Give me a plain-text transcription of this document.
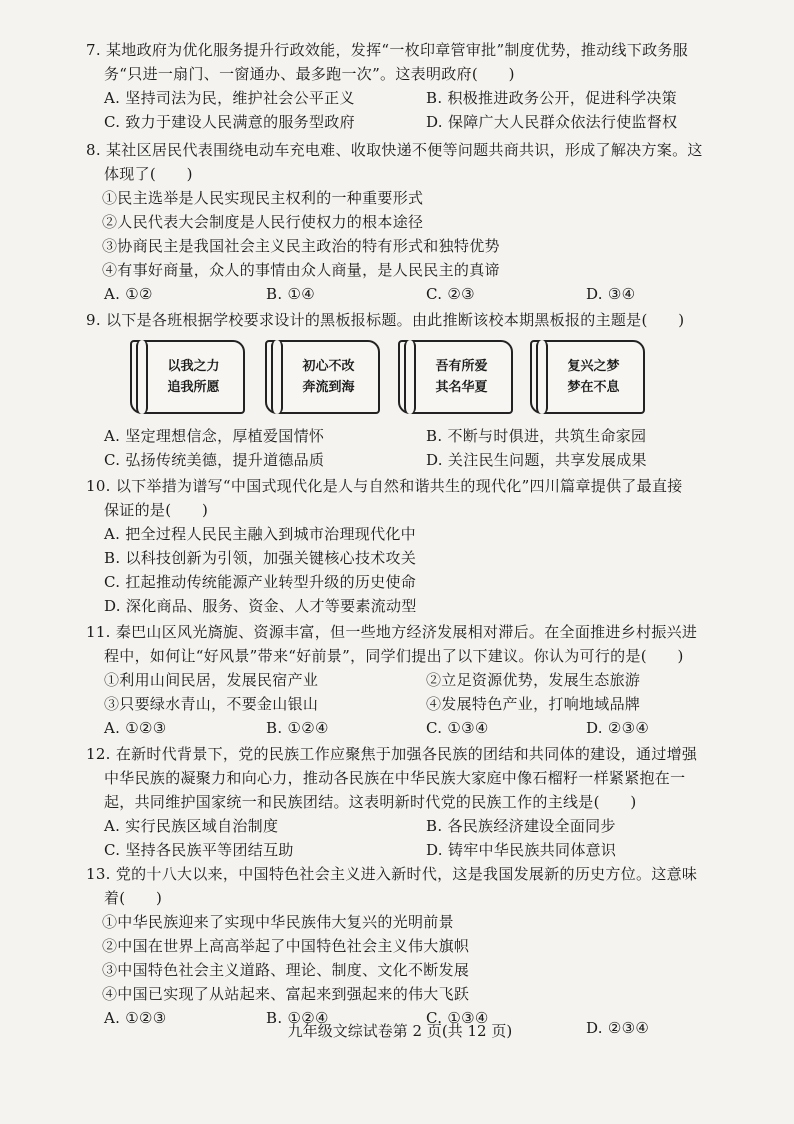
7. 某地政府为优化服务提升行政效能，发挥“一枚印章管审批”制度优势，推动线下政务服
务“只进一扇门、一窗通办、最多跑一次”。这表明政府(　　)
A. 坚持司法为民，维护社会公平正义	B. 积极推进政务公开，促进科学决策
C. 致力于建设人民满意的服务型政府	D. 保障广大人民群众依法行使监督权
8. 某社区居民代表围绕电动车充电难、收取快递不便等问题共商共识，形成了解决方案。这
体现了(　　)
①民主选举是人民实现民主权利的一种重要形式
②人民代表大会制度是人民行使权力的根本途径
③协商民主是我国社会主义民主政治的特有形式和独特优势
④有事好商量，众人的事情由众人商量，是人民民主的真谛
A. ①②	B. ①④	C. ②③	D. ③④
9. 以下是各班根据学校要求设计的黑板报标题。由此推断该校本期黑板报的主题是(　　)
以我之力
追我所愿
初心不改
奔流到海
吾有所爱
其名华夏
复兴之梦
梦在不息
A. 坚定理想信念，厚植爱国情怀	B. 不断与时俱进，共筑生命家园
C. 弘扬传统美德，提升道德品质	D. 关注民生问题，共享发展成果
10. 以下举措为谱写“中国式现代化是人与自然和谐共生的现代化”四川篇章提供了最直接
保证的是(　　)
A. 把全过程人民民主融入到城市治理现代化中
B. 以科技创新为引领，加强关键核心技术攻关
C. 扛起推动传统能源产业转型升级的历史使命
D. 深化商品、服务、资金、人才等要素流动型
11. 秦巴山区风光旖旎、资源丰富，但一些地方经济发展相对滞后。在全面推进乡村振兴进
程中，如何让“好风景”带来“好前景”，同学们提出了以下建议。你认为可行的是(　　)
①利用山间民居，发展民宿产业	②立足资源优势，发展生态旅游
③只要绿水青山，不要金山银山	④发展特色产业，打响地域品牌
A. ①②③	B. ①②④	C. ①③④	D. ②③④
12. 在新时代背景下，党的民族工作应聚焦于加强各民族的团结和共同体的建设，通过增强
中华民族的凝聚力和向心力，推动各民族在中华民族大家庭中像石榴籽一样紧紧抱在一
起，共同维护国家统一和民族团结。这表明新时代党的民族工作的主线是(　　)
A. 实行民族区域自治制度	B. 各民族经济建设全面同步
C. 坚持各民族平等团结互助	D. 铸牢中华民族共同体意识
13. 党的十八大以来，中国特色社会主义进入新时代，这是我国发展新的历史方位。这意味
着(　　)
①中华民族迎来了实现中华民族伟大复兴的光明前景
②中国在世界上高高举起了中国特色社会主义伟大旗帜
③中国特色社会主义道路、理论、制度、文化不断发展
④中国已实现了从站起来、富起来到强起来的伟大飞跃
A. ①②③	B. ①②④	C. ①③④
D. ②③④
九年级文综试卷第 2 页(共 12 页)
